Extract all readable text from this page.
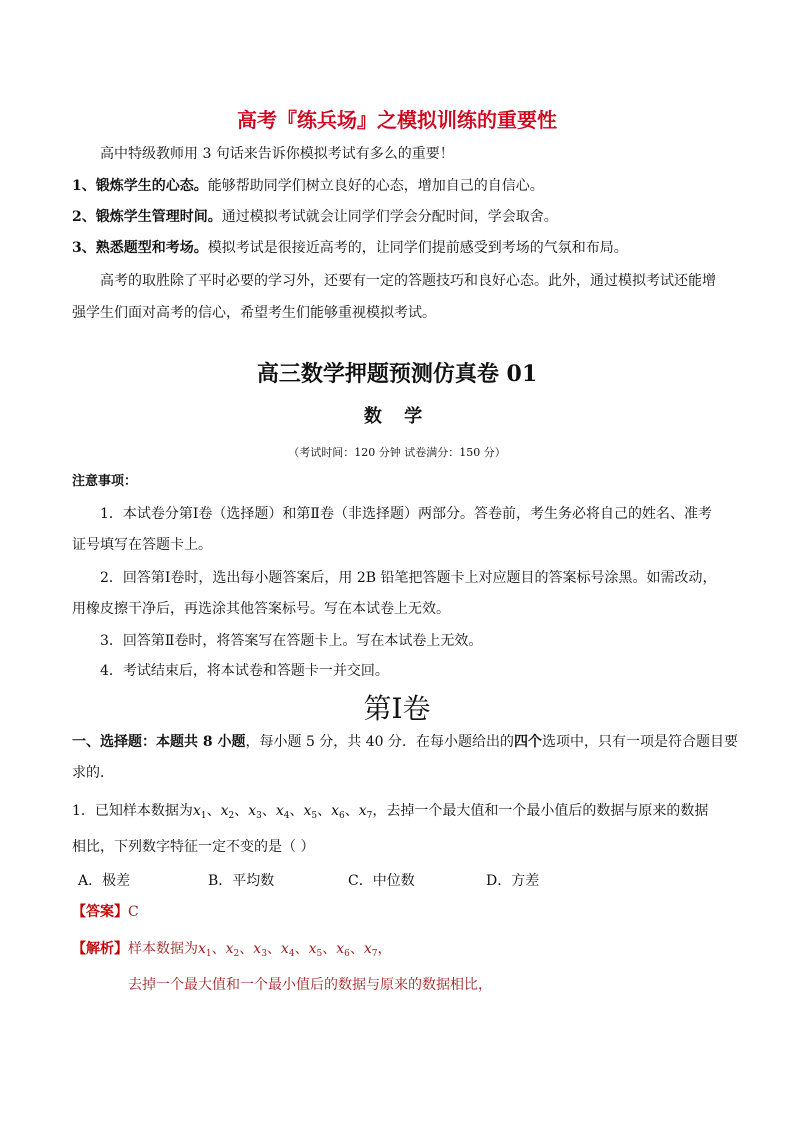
高考『练兵场』之模拟训练的重要性
高中特级教师用 3 句话来告诉你模拟考试有多么的重要！
1、锻炼学生的心态。能够帮助同学们树立良好的心态，增加自己的自信心。
2、锻炼学生管理时间。通过模拟考试就会让同学们学会分配时间，学会取舍。
3、熟悉题型和考场。模拟考试是很接近高考的，让同学们提前感受到考场的气氛和布局。
高考的取胜除了平时必要的学习外，还要有一定的答题技巧和良好心态。此外，通过模拟考试还能增
强学生们面对高考的信心，希望考生们能够重视模拟考试。
高三数学押题预测仿真卷 01
数 学
（考试时间：120 分钟 试卷满分：150 分）
注意事项：
1．本试卷分第Ⅰ卷（选择题）和第Ⅱ卷（非选择题）两部分。答卷前，考生务必将自己的姓名、准考
证号填写在答题卡上。
2．回答第Ⅰ卷时，选出每小题答案后，用 2B 铅笔把答题卡上对应题目的答案标号涂黑。如需改动，
用橡皮擦干净后，再选涂其他答案标号。写在本试卷上无效。
3．回答第Ⅱ卷时，将答案写在答题卡上。写在本试卷上无效。
4．考试结束后，将本试卷和答题卡一并交回。
第Ⅰ卷
一、选择题：本题共 8 小题，每小题 5 分，共 40 分．在每小题给出的四个选项中，只有一项是符合题目要
求的．
1．已知样本数据为$x_1$、$x_2$、$x_3$、$x_4$、$x_5$、$x_6$、$x_7$，去掉一个最大值和一个最小值后的数据与原来的数据
相比，下列数字特征一定不变的是（ ）
A．极差	B．平均数	C．中位数	D．方差
【答案】C
【解析】样本数据为$x_1$、$x_2$、$x_3$、$x_4$、$x_5$、$x_6$、$x_7$，
去掉一个最大值和一个最小值后的数据与原来的数据相比，
